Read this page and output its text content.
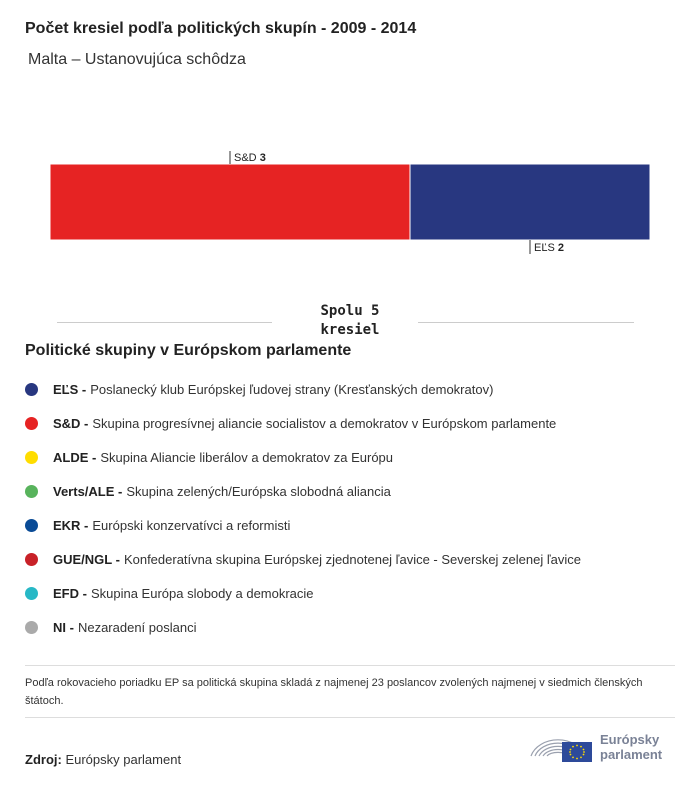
Počet kresiel podľa politických skupín - 2009 - 2014
Malta – Ustanovujúca schôdza
S&D 3
EĽS 2
Spolu 5
kresiel
Politické skupiny v Európskom parlamente
EĽS - Poslanecký klub Európskej ľudovej strany (Kresťanských demokratov)
S&D - Skupina progresívnej aliancie socialistov a demokratov v Európskom parlamente
ALDE - Skupina Aliancie liberálov a demokratov za Európu
Verts/ALE - Skupina zelených/Európska slobodná aliancia
EKR - Európski konzervatívci a reformisti
GUE/NGL - Konfederatívna skupina Európskej zjednotenej ľavice - Severskej zelenej ľavice
EFD - Skupina Európa slobody a demokracie
NI - Nezaradení poslanci
Podľa rokovacieho poriadku EP sa politická skupina skladá z najmenej 23 poslancov zvolených najmenej v siedmich členských štátoch.
Zdroj: Európsky parlament
Európsky
parlament
